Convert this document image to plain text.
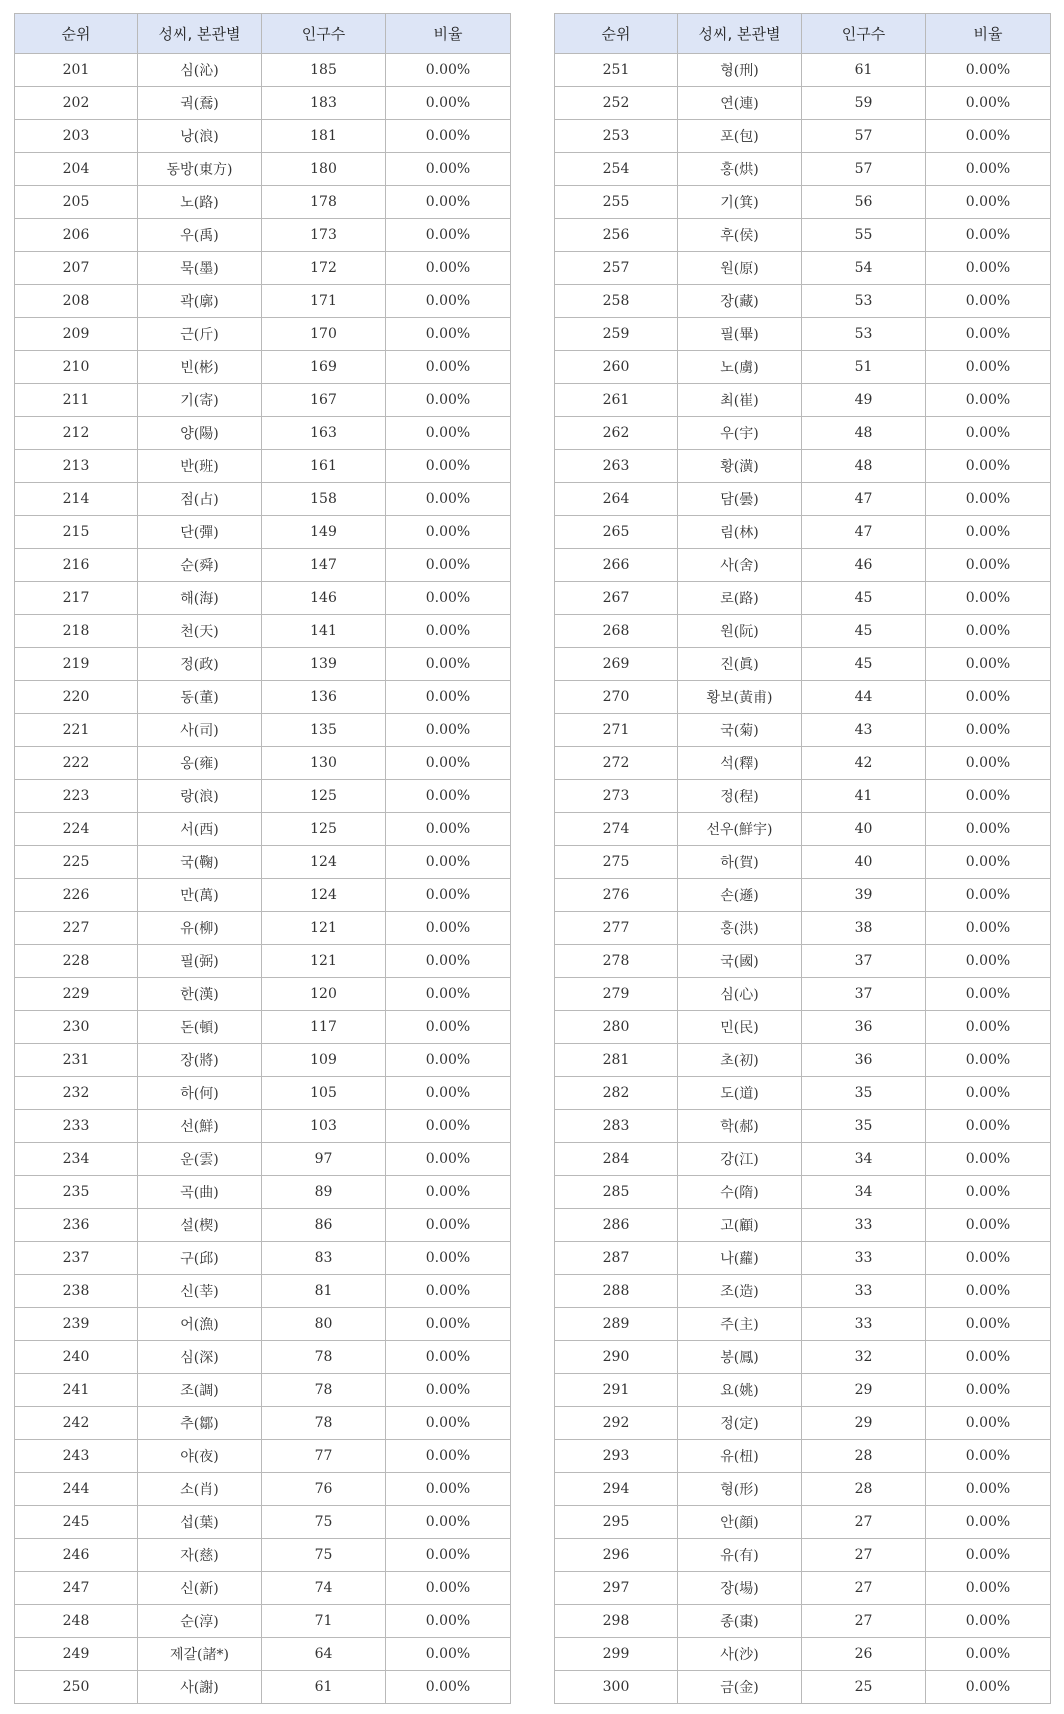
순위	성씨, 본관별	인구수	비율
201	심(沁)	185	0.00%
202	궉(鴌)	183	0.00%
203	낭(浪)	181	0.00%
204	동방(東方)	180	0.00%
205	노(路)	178	0.00%
206	우(禹)	173	0.00%
207	묵(墨)	172	0.00%
208	곽(廓)	171	0.00%
209	근(斤)	170	0.00%
210	빈(彬)	169	0.00%
211	기(寄)	167	0.00%
212	양(陽)	163	0.00%
213	반(班)	161	0.00%
214	점(占)	158	0.00%
215	단(彈)	149	0.00%
216	순(舜)	147	0.00%
217	해(海)	146	0.00%
218	천(天)	141	0.00%
219	정(政)	139	0.00%
220	동(董)	136	0.00%
221	사(司)	135	0.00%
222	옹(雍)	130	0.00%
223	랑(浪)	125	0.00%
224	서(西)	125	0.00%
225	국(鞠)	124	0.00%
226	만(萬)	124	0.00%
227	유(柳)	121	0.00%
228	필(弼)	121	0.00%
229	한(漢)	120	0.00%
230	돈(頓)	117	0.00%
231	장(將)	109	0.00%
232	하(何)	105	0.00%
233	선(鮮)	103	0.00%
234	운(雲)	97	0.00%
235	곡(曲)	89	0.00%
236	설(楔)	86	0.00%
237	구(邱)	83	0.00%
238	신(莘)	81	0.00%
239	어(漁)	80	0.00%
240	심(深)	78	0.00%
241	조(調)	78	0.00%
242	추(鄒)	78	0.00%
243	야(夜)	77	0.00%
244	소(肖)	76	0.00%
245	섭(葉)	75	0.00%
246	자(慈)	75	0.00%
247	신(新)	74	0.00%
248	순(淳)	71	0.00%
249	제갈(諸*)	64	0.00%
250	사(謝)	61	0.00%
순위	성씨, 본관별	인구수	비율
251	형(刑)	61	0.00%
252	연(連)	59	0.00%
253	포(包)	57	0.00%
254	홍(烘)	57	0.00%
255	기(箕)	56	0.00%
256	후(侯)	55	0.00%
257	원(原)	54	0.00%
258	장(藏)	53	0.00%
259	필(畢)	53	0.00%
260	노(虜)	51	0.00%
261	최(崔)	49	0.00%
262	우(宇)	48	0.00%
263	황(潢)	48	0.00%
264	담(曇)	47	0.00%
265	림(林)	47	0.00%
266	사(舍)	46	0.00%
267	로(路)	45	0.00%
268	원(阮)	45	0.00%
269	진(眞)	45	0.00%
270	황보(黃甫)	44	0.00%
271	국(菊)	43	0.00%
272	석(釋)	42	0.00%
273	정(程)	41	0.00%
274	선우(鮮宇)	40	0.00%
275	하(賀)	40	0.00%
276	손(遜)	39	0.00%
277	홍(洪)	38	0.00%
278	국(國)	37	0.00%
279	심(心)	37	0.00%
280	민(民)	36	0.00%
281	초(初)	36	0.00%
282	도(道)	35	0.00%
283	학(郝)	35	0.00%
284	강(江)	34	0.00%
285	수(隋)	34	0.00%
286	고(顧)	33	0.00%
287	나(蘿)	33	0.00%
288	조(造)	33	0.00%
289	주(主)	33	0.00%
290	봉(鳳)	32	0.00%
291	요(姚)	29	0.00%
292	정(定)	29	0.00%
293	유(杻)	28	0.00%
294	형(形)	28	0.00%
295	안(顔)	27	0.00%
296	유(有)	27	0.00%
297	장(場)	27	0.00%
298	종(棗)	27	0.00%
299	사(沙)	26	0.00%
300	금(金)	25	0.00%
